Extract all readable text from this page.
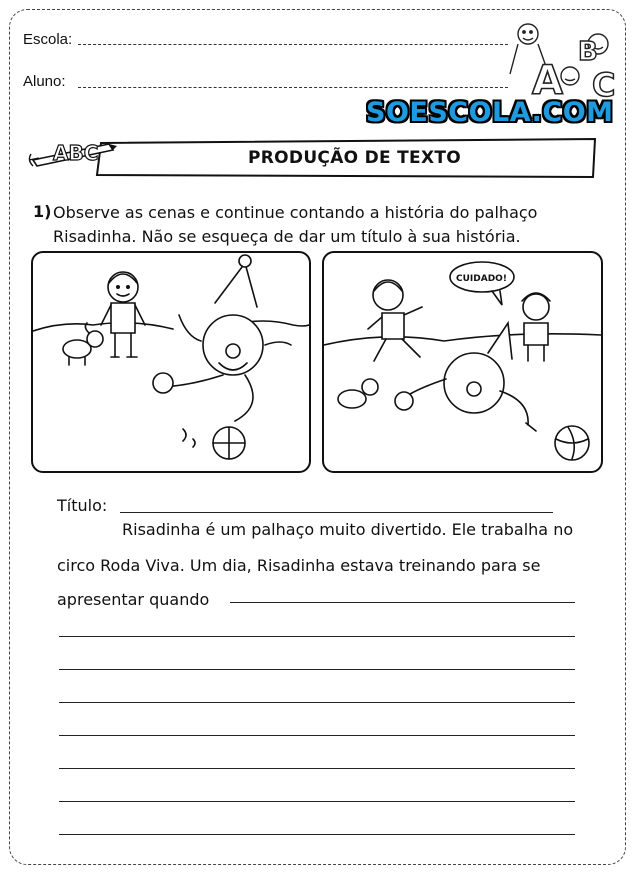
Escola:
Aluno:	A
B
C
SOESCOLA.COM
ABC	PRODUÇÃO DE TEXTO
1) Observe as cenas e continue contando a história do palhaço Risadinha. Não se esqueça de dar um título à sua história.
CUIDADO!
Título:
Risadinha é um palhaço muito divertido. Ele trabalha no
circo Roda Viva. Um dia, Risadinha estava treinando para se
apresentar quando
